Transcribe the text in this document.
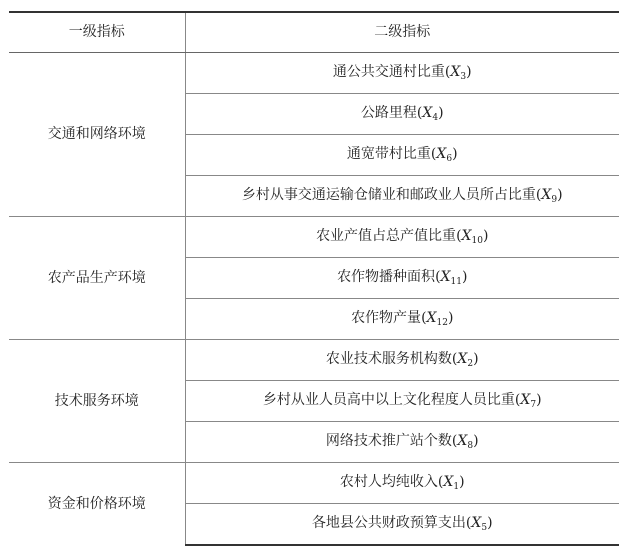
一级指标	二级指标
交通和网络环境	通公共交通村比重$(X_3)$
	公路里程$(X_4)$
	通宽带村比重$(X_6)$
	乡村从事交通运输仓储业和邮政业人员所占比重$(X_9)$
农产品生产环境	农业产值占总产值比重$(X_{10})$
	农作物播种面积$(X_{11})$
	农作物产量$(X_{12})$
技术服务环境	农业技术服务机构数$(X_2)$
	乡村从业人员高中以上文化程度人员比重$(X_7)$
	网络技术推广站个数$(X_8)$
资金和价格环境	农村人均纯收入$(X_1)$
	各地县公共财政预算支出$(X_5)$
